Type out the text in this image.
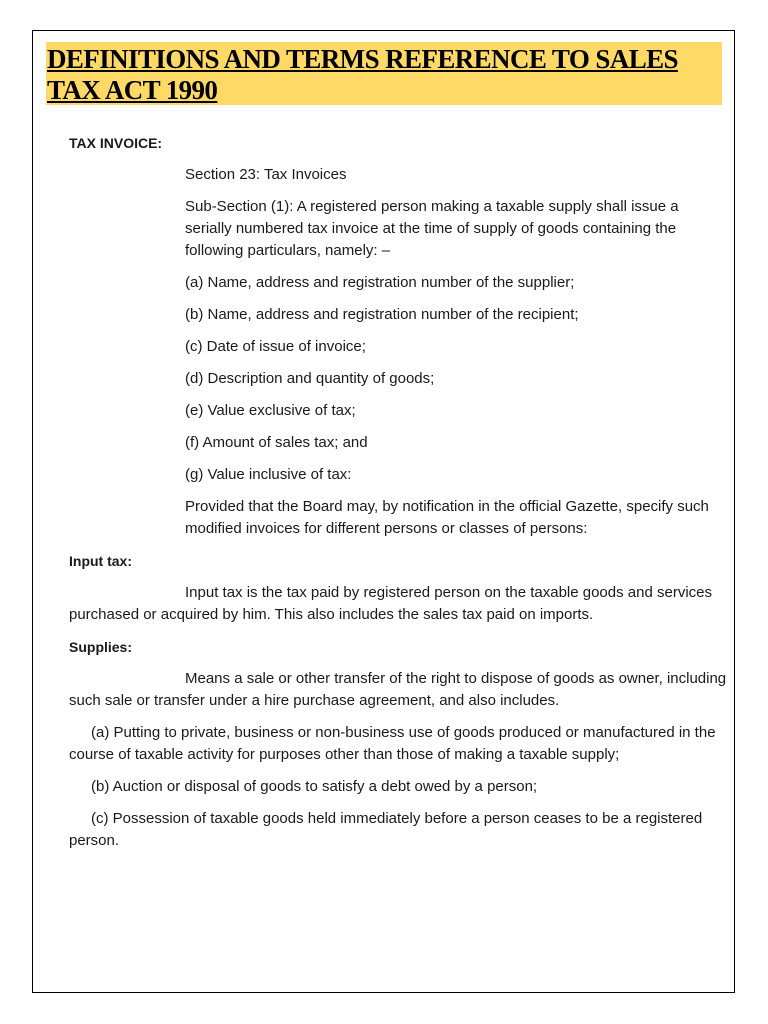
DEFINITIONS AND TERMS REFERENCE TO SALES TAX ACT 1990

TAX INVOICE:

Section 23: Tax Invoices

Sub-Section (1): A registered person making a taxable supply shall issue a serially numbered tax invoice at the time of supply of goods containing the following particulars, namely: –

(a) Name, address and registration number of the supplier;

(b) Name, address and registration number of the recipient;

(c) Date of issue of invoice;

(d) Description and quantity of goods;

(e) Value exclusive of tax;

(f) Amount of sales tax; and

(g) Value inclusive of tax:

Provided that the Board may, by notification in the official Gazette, specify such modified invoices for different persons or classes of persons:

Input tax:

Input tax is the tax paid by registered person on the taxable goods and services purchased or acquired by him. This also includes the sales tax paid on imports.

Supplies:

Means a sale or other transfer of the right to dispose of goods as owner, including such sale or transfer under a hire purchase agreement, and also includes.

(a) Putting to private, business or non-business use of goods produced or manufactured in the course of taxable activity for purposes other than those of making a taxable supply;

(b) Auction or disposal of goods to satisfy a debt owed by a person;

(c) Possession of taxable goods held immediately before a person ceases to be a registered person.
